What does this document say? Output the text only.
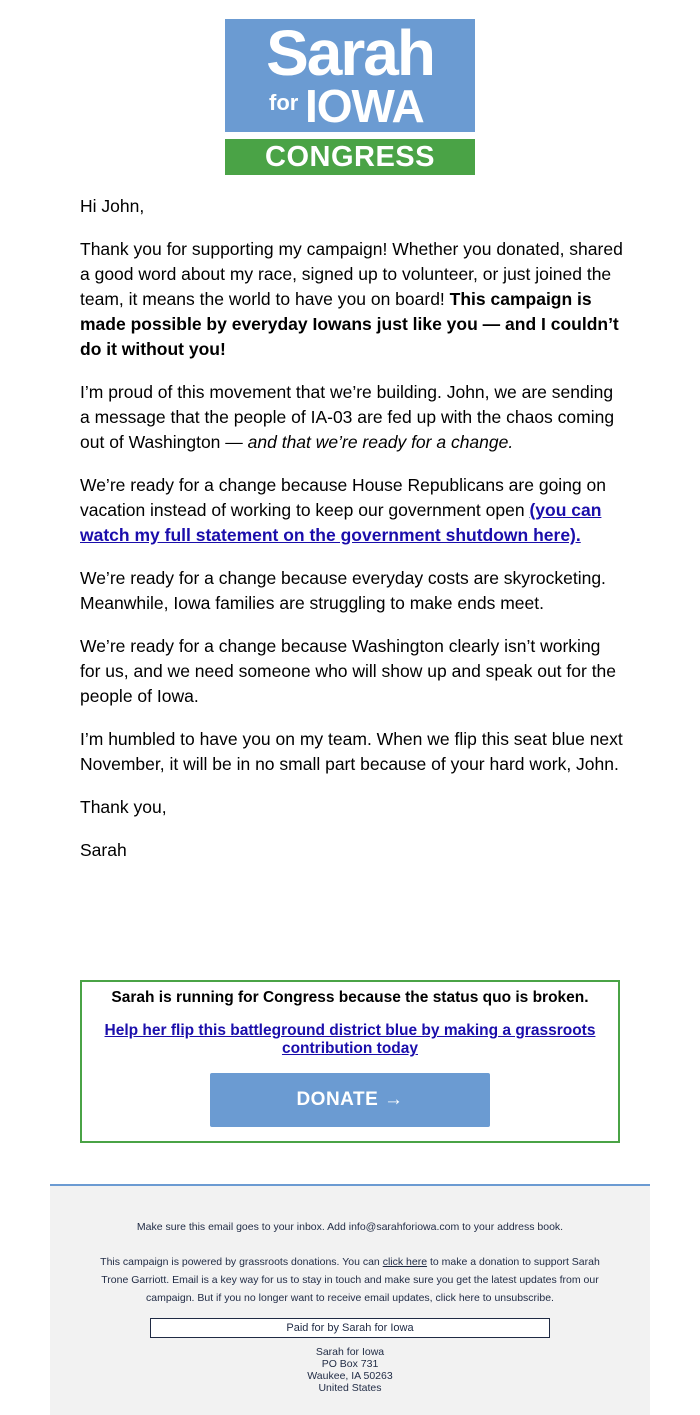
Sarah
for IOWA
CONGRESS

Hi John,

Thank you for supporting my campaign! Whether you donated, shared a good word about my race, signed up to volunteer, or just joined the team, it means the world to have you on board! This campaign is made possible by everyday Iowans just like you — and I couldn’t do it without you!

I’m proud of this movement that we’re building. John, we are sending a message that the people of IA-03 are fed up with the chaos coming out of Washington — and that we’re ready for a change.

We’re ready for a change because House Republicans are going on vacation instead of working to keep our government open (you can watch my full statement on the government shutdown here).

We’re ready for a change because everyday costs are skyrocketing. Meanwhile, Iowa families are struggling to make ends meet.

We’re ready for a change because Washington clearly isn’t working for us, and we need someone who will show up and speak out for the people of Iowa.

I’m humbled to have you on my team. When we flip this seat blue next November, it will be in no small part because of your hard work, John.

Thank you,

Sarah

Sarah is running for Congress because the status quo is broken.
Help her flip this battleground district blue by making a grassroots contribution today
DONATE →
Make sure this email goes to your inbox. Add info@sarahforiowa.com to your address book.
This campaign is powered by grassroots donations. You can click here to make a donation to support Sarah Trone Garriott. Email is a key way for us to stay in touch and make sure you get the latest updates from our campaign. But if you no longer want to receive email updates, click here to unsubscribe.
Paid for by Sarah for Iowa
Sarah for Iowa
PO Box 731
Waukee, IA 50263
United States
